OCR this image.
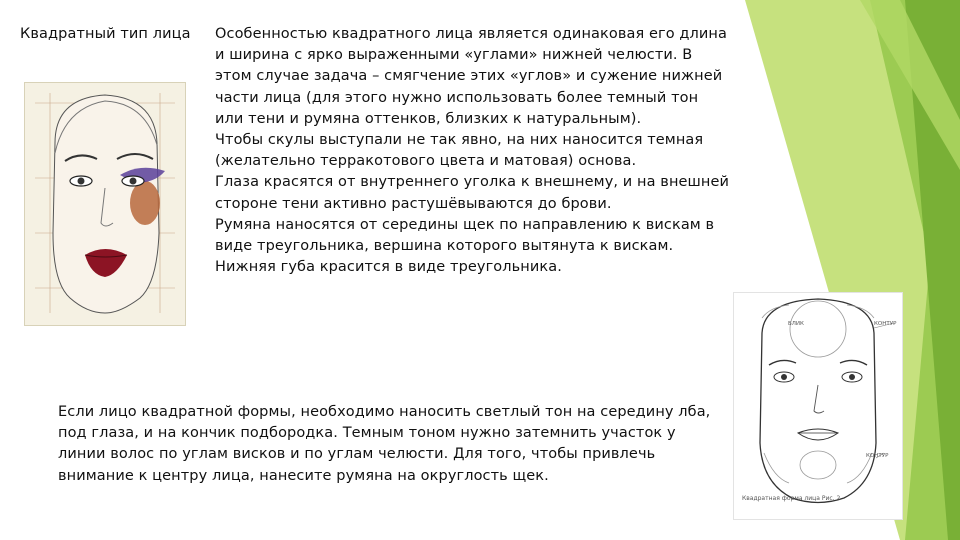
Квадратный тип лица Особенностью квадратного лица является одинаковая его длина и ширина с ярко выраженными «углами» нижней челюсти. В этом случае задача – смягчение этих «углов» и сужение нижней части лица (для этого нужно использовать более темный тон или тени и румяна оттенков, близких к натуральным).

Чтобы скулы выступали не так явно, на них наносится темная (желательно терракотового цвета и матовая) основа.

Глаза красятся от внутреннего уголка к внешнему, и на внешней стороне тени активно растушёвываются до брови.

Румяна наносятся от середины щек по направлению к вискам в виде треугольника, вершина которого вытянута к вискам.

Нижняя губа красится в виде треугольника.

Если лицо квадратной формы, необходимо наносить светлый тон на середину лба, под глаза, и на кончик подбородка. Темным тоном нужно затемнить участок у линии волос по углам висков и по углам челюсти. Для того, чтобы привлечь внимание к центру лица, нанесите румяна на округлость щек.
БЛИК	КОНТУР
КОНТУР
Квадратная форма лица Рис. 2
